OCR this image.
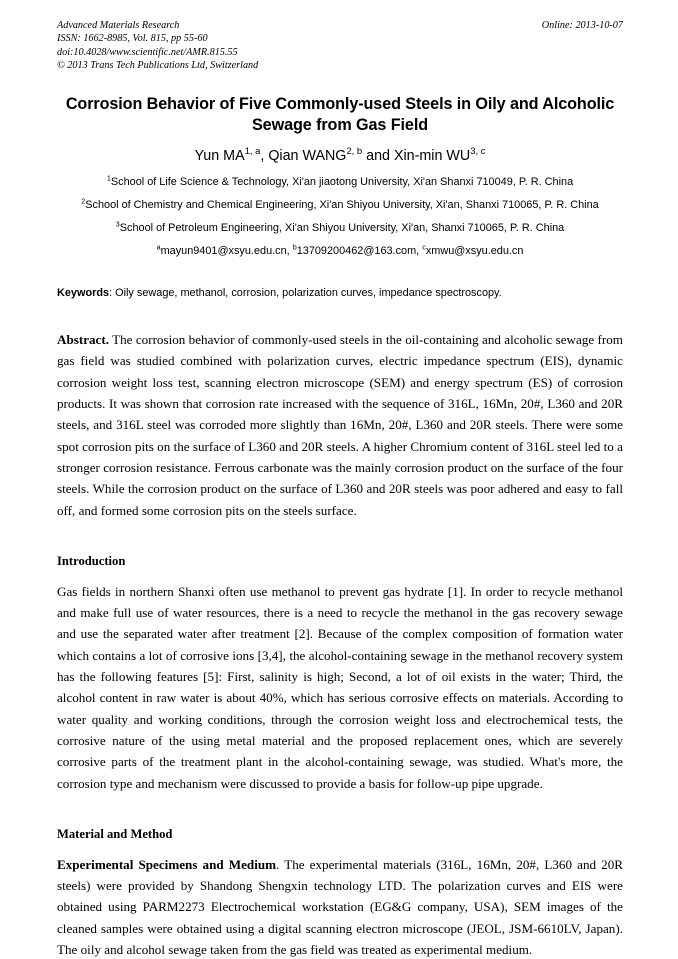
Advanced Materials Research
ISSN: 1662-8985, Vol. 815, pp 55-60
doi:10.4028/www.scientific.net/AMR.815.55
© 2013 Trans Tech Publications Ltd, Switzerland
Online: 2013-10-07
Corrosion Behavior of Five Commonly-used Steels in Oily and Alcoholic Sewage from Gas Field
Yun MA$^{1, a}$, Qian WANG$^{2, b}$ and Xin-min WU$^{3, c}$

$^1$School of Life Science & Technology, Xi'an jiaotong University, Xi'an Shanxi 710049, P. R. China

$^2$School of Chemistry and Chemical Engineering, Xi'an Shiyou University, Xi'an, Shanxi 710065, P. R. China

$^3$School of Petroleum Engineering, Xi'an Shiyou University, Xi'an, Shanxi 710065, P. R. China

$^a$mayun9401@xsyu.edu.cn, $^b$13709200462@163.com, $^c$xmwu@xsyu.edu.cn

Keywords: Oily sewage, methanol, corrosion, polarization curves, impedance spectroscopy.

Abstract. The corrosion behavior of commonly-used steels in the oil-containing and alcoholic sewage from gas field was studied combined with polarization curves, electric impedance spectrum (EIS), dynamic corrosion weight loss test, scanning electron microscope (SEM) and energy spectrum (ES) of corrosion products. It was shown that corrosion rate increased with the sequence of 316L, 16Mn, 20#, L360 and 20R steels, and 316L steel was corroded more slightly than 16Mn, 20#, L360 and 20R steels. There were some spot corrosion pits on the surface of L360 and 20R steels. A higher Chromium content of 316L steel led to a stronger corrosion resistance. Ferrous carbonate was the mainly corrosion product on the surface of the four steels. While the corrosion product on the surface of L360 and 20R steels was poor adhered and easy to fall off, and formed some corrosion pits on the steels surface.

Introduction

Gas fields in northern Shanxi often use methanol to prevent gas hydrate [1]. In order to recycle methanol and make full use of water resources, there is a need to recycle the methanol in the gas recovery sewage and use the separated water after treatment [2]. Because of the complex composition of formation water which contains a lot of corrosive ions [3,4], the alcohol-containing sewage in the methanol recovery system has the following features [5]: First, salinity is high; Second, a lot of oil exists in the water; Third, the alcohol content in raw water is about 40%, which has serious corrosive effects on materials. According to water quality and working conditions, through the corrosion weight loss and electrochemical tests, the corrosive nature of the using metal material and the proposed replacement ones, which are severely corrosive parts of the treatment plant in the alcohol-containing sewage, was studied. What's more, the corrosion type and mechanism were discussed to provide a basis for follow-up pipe upgrade.

Material and Method

Experimental Specimens and Medium. The experimental materials (316L, 16Mn, 20#, L360 and 20R steels) were provided by Shandong Shengxin technology LTD. The polarization curves and EIS were obtained using PARM2273 Electrochemical workstation (EG&G company, USA), SEM images of the cleaned samples were obtained using a digital scanning electron microscope (JEOL, JSM-6610LV, Japan). The oily and alcohol sewage taken from the gas field was treated as experimental medium.
